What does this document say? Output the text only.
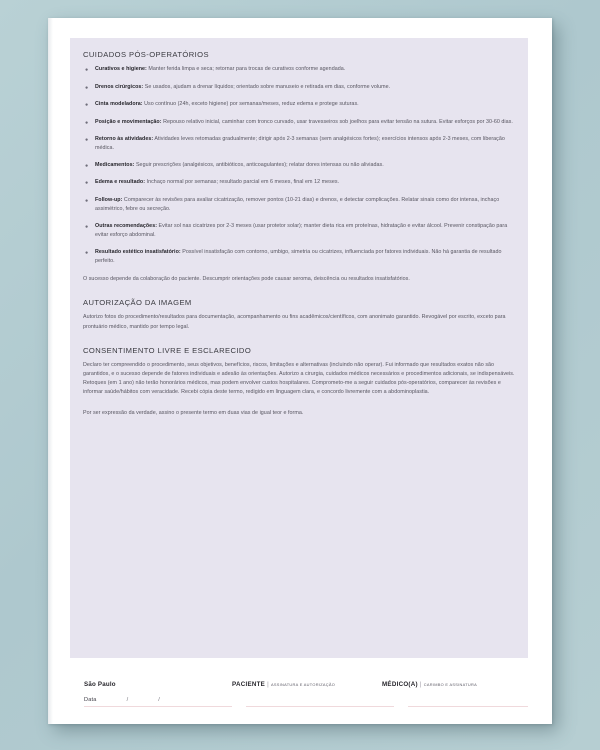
CUIDADOS PÓS-OPERATÓRIOS
●	Curativos e higiene: Manter ferida limpa e seca; retornar para trocas de curativos conforme agendada.
●	Drenos cirúrgicos: Se usados, ajudam a drenar líquidos; orientado sobre manuseio e retirada em dias, conforme volume.
●	Cinta modeladora: Uso contínuo (24h, exceto higiene) por semanas/meses, reduz edema e protege suturas.
●	Posição e movimentação: Repouso relativo inicial, caminhar com tronco curvado, usar travesseiros sob joelhos para evitar tensão na sutura. Evitar esforços por 30-60 dias.
●	Retorno às atividades: Atividades leves retomadas gradualmente; dirigir após 2-3 semanas (sem analgésicos fortes); exercícios intensos após 2-3 meses, com liberação médica.
●	Medicamentos: Seguir prescrições (analgésicos, antibióticos, anticoagulantes); relatar dores intensas ou não aliviadas.
●	Edema e resultado: Inchaço normal por semanas; resultado parcial em 6 meses, final em 12 meses.
●	Follow-up: Comparecer às revisões para avaliar cicatrização, remover pontos (10-21 dias) e drenos, e detectar complicações. Relatar sinais como dor intensa, inchaço assimétrico, febre ou secreção.
●	Outras recomendações: Evitar sol nas cicatrizes por 2-3 meses (usar protetor solar); manter dieta rica em proteínas, hidratação e evitar álcool. Prevenir constipação para evitar esforço abdominal.
●	Resultado estético insatisfatório: Possível insatisfação com contorno, umbigo, simetria ou cicatrizes, influenciada por fatores individuais. Não há garantia de resultado perfeito.

O sucesso depende da colaboração do paciente. Descumprir orientações pode causar seroma, deiscência ou resultados insatisfatórios.

AUTORIZAÇÃO DA IMAGEM

Autorizo fotos do procedimento/resultados para documentação, acompanhamento ou fins acadêmicos/científicos, com anonimato garantido. Revogável por escrito, exceto para prontuário médico, mantido por tempo legal.

CONSENTIMENTO LIVRE E ESCLARECIDO

Declaro ter compreendido o procedimento, seus objetivos, benefícios, riscos, limitações e alternativas (incluindo não operar). Fui informado que resultados exatos não são garantidos, e o sucesso depende de fatores individuais e adesão às orientações. Autorizo a cirurgia, cuidados médicos necessários e procedimentos adicionais, se indispensáveis. Retoques (em 1 ano) não terão honorários médicos, mas podem envolver custos hospitalares. Comprometo-me a seguir cuidados pós-operatórios, comparecer às revisões e informar saúde/hábitos com veracidade. Recebi cópia deste termo, redigido em linguagem clara, e concordo livremente com a abdominoplastia.

Por ser expressão da verdade, assino o presente termo em duas vias de igual teor e forma.

São Paulo	PACIENTE | ASSINATURA E AUTORIZAÇÃO	MÉDICO(A) | CARIMBO E ASSINATURA
Data	/	/
